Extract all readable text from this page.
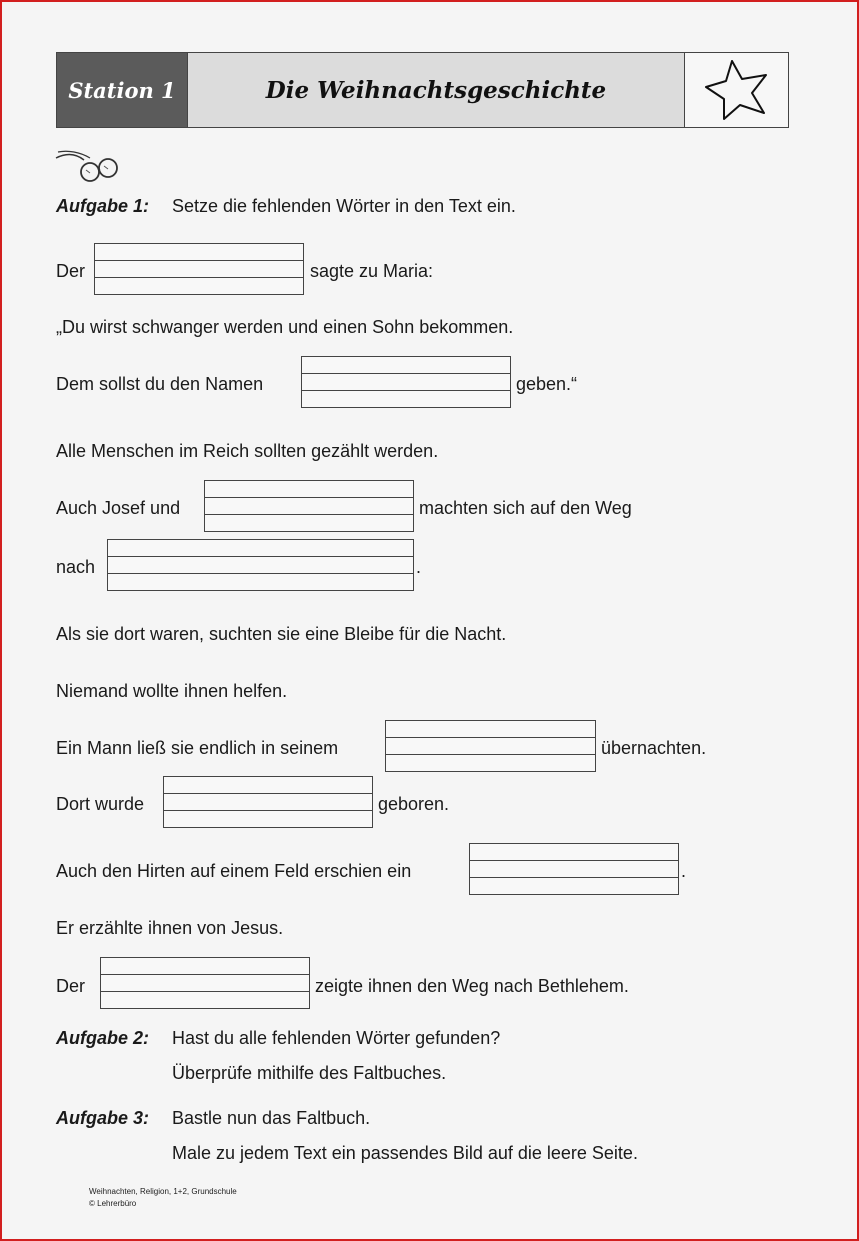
Station 1	Die Weihnachtsgeschichte
Aufgabe 1: Setze die fehlenden Wörter in den Text ein.
Der	sagte zu Maria:
„Du wirst schwanger werden und einen Sohn bekommen.
Dem sollst du den Namen	geben.“
Alle Menschen im Reich sollten gezählt werden.
Auch Josef und	machten sich auf den Weg
nach	.
Als sie dort waren, suchten sie eine Bleibe für die Nacht.
Niemand wollte ihnen helfen.
Ein Mann ließ sie endlich in seinem	übernachten.
Dort wurde	geboren.
Auch den Hirten auf einem Feld erschien ein	.
Er erzählte ihnen von Jesus.
Der	zeigte ihnen den Weg nach Bethlehem.
Aufgabe 2: Hast du alle fehlenden Wörter gefunden?
Überprüfe mithilfe des Faltbuches.
Aufgabe 3: Bastle nun das Faltbuch.
Male zu jedem Text ein passendes Bild auf die leere Seite.
Weihnachten, Religion, 1+2, Grundschule
© Lehrerbüro
